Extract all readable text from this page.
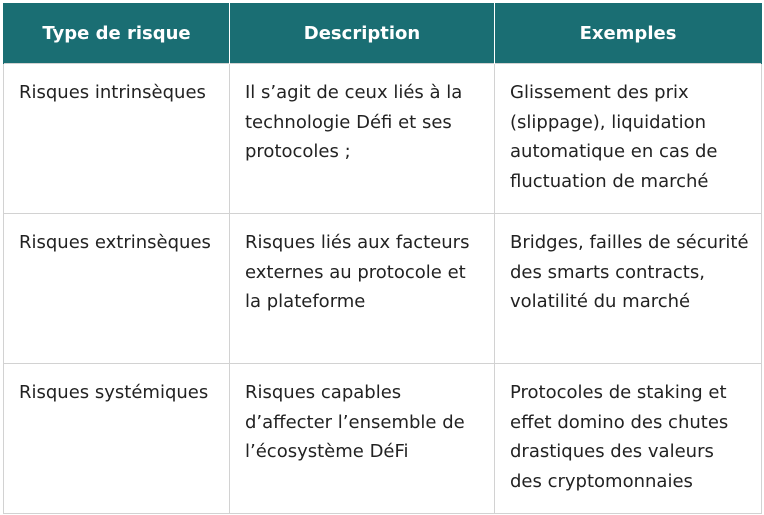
Type de risque	Description	Exemples

Risques intrinsèques	Il s’agit de ceux liés à la technologie Défi et ses protocoles ;	Glissement des prix (slippage), liquidation automatique en cas de fluctuation de marché

Risques extrinsèques	Risques liés aux facteurs externes au protocole et la plateforme	Bridges, failles de sécurité des smarts contracts, volatilité du marché

Risques systémiques	Risques capables d’affecter l’ensemble de l’écosystème DéFi	Protocoles de staking et effet domino des chutes drastiques des valeurs des cryptomonnaies
